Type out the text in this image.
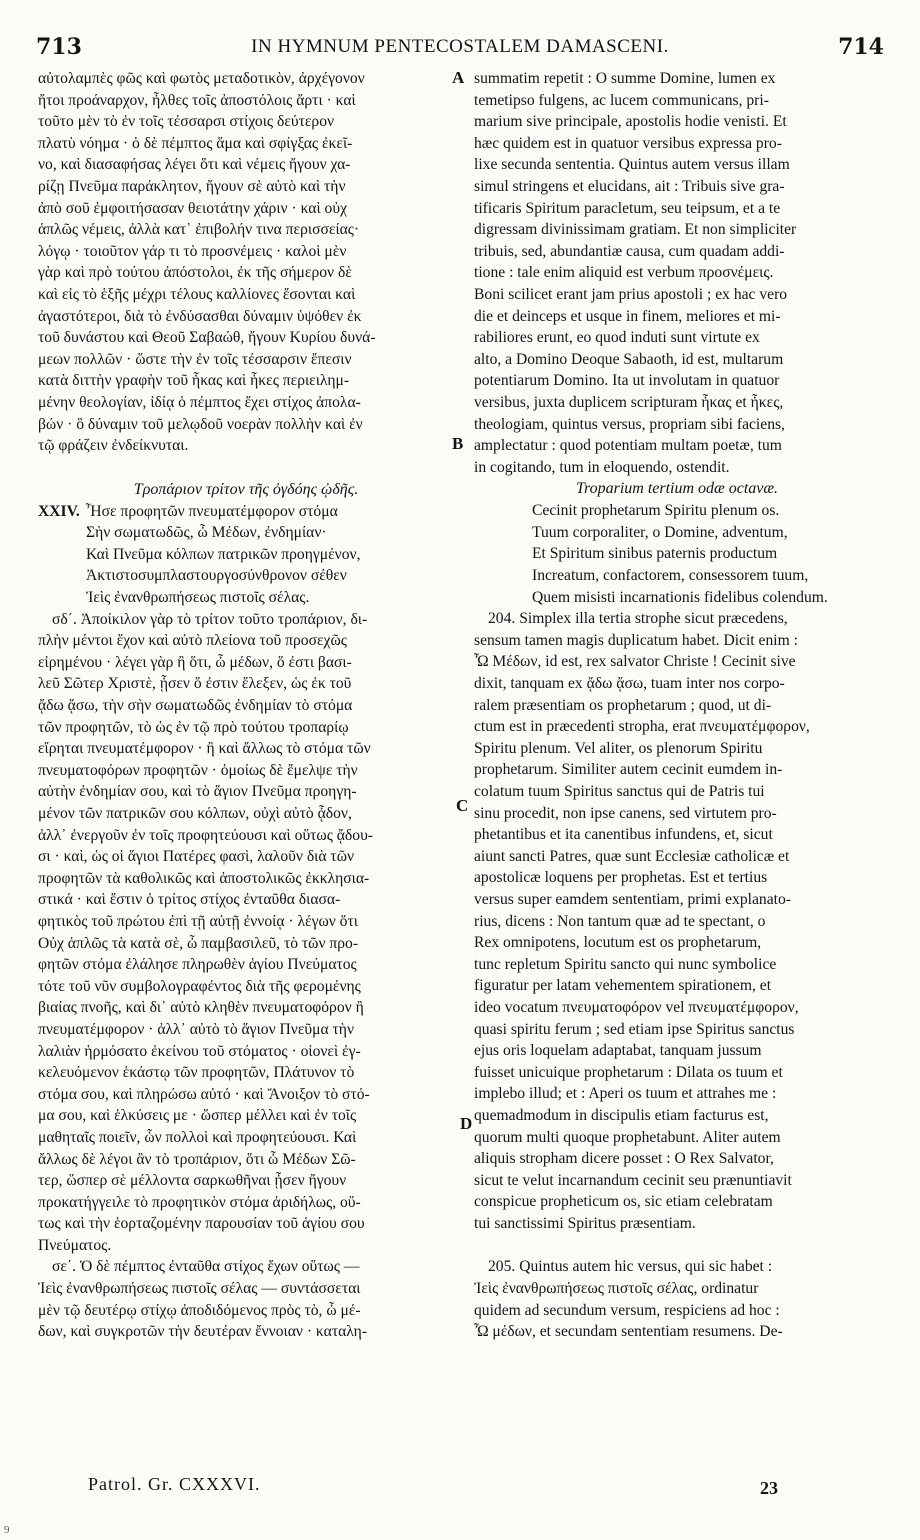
713	IN HYMNUM PENTECOSTALEM DAMASCENI.	714

αὐτολαμπὲς φῶς καὶ φωτὸς μεταδοτικὸν, ἀρχέγονον

ἤτοι προάναρχον, ἦλθες τοῖς ἀποστόλοις ἄρτι · καὶ

τοῦτο μὲν τὸ ἐν τοῖς τέσσαρσι στίχοις δεύτερον

πλατὺ νόημα · ὁ δὲ πέμπτος ἅμα καὶ σφίγξας ἐκεῖ-

νο, καὶ διασαφήσας λέγει ὅτι καὶ νέμεις ἤγουν χα-

ρίζῃ Πνεῦμα παράκλητον, ἤγουν σὲ αὐτὸ καὶ τὴν

ἀπὸ σοῦ ἐμφοιτήσασαν θειοτάτην χάριν · καὶ οὐχ

ἁπλῶς νέμεις, ἀλλὰ κατ᾽ ἐπιβολήν τινα περισσείας·

λόγῳ · τοιοῦτον γάρ τι τὸ προσνέμεις · καλοὶ μὲν

γὰρ καὶ πρὸ τούτου ἀπόστολοι, ἐκ τῆς σήμερον δὲ

καὶ εἰς τὸ ἑξῆς μέχρι τέλους καλλίονες ἔσονται καὶ

ἀγαστότεροι, διὰ τὸ ἐνδύσασθαι δύναμιν ὑψόθεν ἐκ

τοῦ δυνάστου καὶ Θεοῦ Σαβαώθ, ἤγουν Κυρίου δυνά-

μεων πολλῶν · ὥστε τὴν ἐν τοῖς τέσσαρσιν ἔπεσιν

κατὰ διττὴν γραφὴν τοῦ ἧκας καὶ ἧκες περιειλημ-

μένην θεολογίαν, ἰδίᾳ ὁ πέμπτος ἔχει στίχος ἀπολα-

βών · ὃ δύναμιν τοῦ μελῳδοῦ νοερὰν πολλὴν καὶ ἐν

τῷ φράζειν ἐνδείκνυται.

Τροπάριον τρίτον τῆς ὀγδόης ᾠδῆς.

XXIV. Ἦσε προφητῶν πνευματέμφορον στόμα

Σὴν σωματωδῶς, ὦ Μέδων, ἐνδημίαν·

Καὶ Πνεῦμα κόλπων πατρικῶν προηγμένον,

Ἀκτιστοσυμπλαστουργοσύνθρονον σέθεν

Ἰεὶς ἐνανθρωπήσεως πιστοῖς σέλας.

σδ΄. Ἀποίκιλον γὰρ τὸ τρίτον τοῦτο τροπάριον, δι-

πλὴν μέντοι ἔχον καὶ αὐτὸ πλείονα τοῦ προσεχῶς

εἰρημένου · λέγει γὰρ ἢ ὅτι, ὦ μέδων, ὅ ἐστι βασι-

λεῦ Σῶτερ Χριστὲ, ᾖσεν ὅ ἐστιν ἔλεξεν, ὡς ἐκ τοῦ

ᾄδω ᾄσω, τὴν σὴν σωματωδῶς ἐνδημίαν τὸ στόμα

τῶν προφητῶν, τὸ ὡς ἐν τῷ πρὸ τούτου τροπαρίῳ

εἴρηται πνευματέμφορον · ἢ καὶ ἄλλως τὸ στόμα τῶν

πνευματοφόρων προφητῶν · ὁμοίως δὲ ἔμελψε τὴν

αὐτὴν ἐνδημίαν σου, καὶ τὸ ἅγιον Πνεῦμα προηγη-

μένον τῶν πατρικῶν σου κόλπων, οὐχὶ αὐτὸ ᾆδον,

ἀλλ᾽ ἐνεργοῦν ἐν τοῖς προφητεύουσι καὶ οὕτως ᾄδου-

σι · καὶ, ὡς οἱ ἅγιοι Πατέρες φασὶ, λαλοῦν διὰ τῶν

προφητῶν τὰ καθολικῶς καὶ ἀποστολικῶς ἐκκλησια-

στικά · καὶ ἔστιν ὁ τρίτος στίχος ἐνταῦθα διασα-

φητικὸς τοῦ πρώτου ἐπὶ τῇ αὐτῇ ἐννοίᾳ · λέγων ὅτι

Οὐχ ἁπλῶς τὰ κατὰ σὲ, ὦ παμβασιλεῦ, τὸ τῶν προ-

φητῶν στόμα ἐλάλησε πληρωθὲν ἁγίου Πνεύματος

τότε τοῦ νῦν συμβολογραφέντος διὰ τῆς φερομένης

βιαίας πνοῆς, καὶ δι᾽ αὐτὸ κληθὲν πνευματοφόρον ἢ

πνευματέμφορον · ἀλλ᾽ αὐτὸ τὸ ἅγιον Πνεῦμα τὴν

λαλιὰν ἡρμόσατο ἐκείνου τοῦ στόματος · οἱονεὶ ἐγ-

κελευόμενον ἑκάστῳ τῶν προφητῶν, Πλάτυνον τὸ

στόμα σου, καὶ πληρώσω αὐτό · καὶ Ἄνοιξον τὸ στό-

μα σου, καὶ ἑλκύσεις με · ὥσπερ μέλλει καὶ ἐν τοῖς

μαθηταῖς ποιεῖν, ὧν πολλοὶ καὶ προφητεύουσι. Καὶ

ἄλλως δὲ λέγοι ἂν τὸ τροπάριον, ὅτι ὦ Μέδων Σῶ-

τερ, ὥσπερ σὲ μέλλοντα σαρκωθῆναι ᾖσεν ἤγουν

προκατήγγειλε τὸ προφητικὸν στόμα ἀριδήλως, οὕ-

τως καὶ τὴν ἑορταζομένην παρουσίαν τοῦ ἁγίου σου

Πνεύματος.

σε΄. Ὁ δὲ πέμπτος ἐνταῦθα στίχος ἔχων οὕτως —

Ἰεὶς ἐνανθρωπήσεως πιστοῖς σέλας — συντάσσεται

μὲν τῷ δευτέρῳ στίχῳ ἀποδιδόμενος πρὸς τὸ, ὦ μέ-

δων, καὶ συγκροτῶν τὴν δευτέραν ἔννοιαν · καταλη-

A
B
C
D

summatim repetit : O summe Domine, lumen ex

temetipso fulgens, ac lucem communicans, pri-

marium sive principale, apostolis hodie venisti. Et

hæc quidem est in quatuor versibus expressa pro-

lixe secunda sententia. Quintus autem versus illam

simul stringens et elucidans, ait : Tribuis sive gra-

tificaris Spiritum paracletum, seu teipsum, et a te

digressam divinissimam gratiam. Et non simpliciter

tribuis, sed, abundantiæ causa, cum quadam addi-

tione : tale enim aliquid est verbum προσνέμεις.

Boni scilicet erant jam prius apostoli ; ex hac vero

die et deinceps et usque in finem, meliores et mi-

rabiliores erunt, eo quod induti sunt virtute ex

alto, a Domino Deoque Sabaoth, id est, multarum

potentiarum Domino. Ita ut involutam in quatuor

versibus, juxta duplicem scripturam ἧκας et ἧκες,

theologiam, quintus versus, propriam sibi faciens,

amplectatur : quod potentiam multam poetæ, tum

in cogitando, tum in eloquendo, ostendit.

Troparium tertium odæ octavæ.

Cecinit prophetarum Spiritu plenum os.

Tuum corporaliter, o Domine, adventum,

Et Spiritum sinibus paternis productum

Increatum, confactorem, consessorem tuum,

Quem misisti incarnationis fidelibus colendum.

204. Simplex illa tertia strophe sicut præcedens,

sensum tamen magis duplicatum habet. Dicit enim :

Ὦ Μέδων, id est, rex salvator Christe ! Cecinit sive

dixit, tanquam ex ᾄδω ᾄσω, tuam inter nos corpo-

ralem præsentiam os prophetarum ; quod, ut di-

ctum est in præcedenti stropha, erat πνευματέμφορον,

Spiritu plenum. Vel aliter, os plenorum Spiritu

prophetarum. Similiter autem cecinit eumdem in-

colatum tuum Spiritus sanctus qui de Patris tui

sinu procedit, non ipse canens, sed virtutem pro-

phetantibus et ita canentibus infundens, et, sicut

aiunt sancti Patres, quæ sunt Ecclesiæ catholicæ et

apostolicæ loquens per prophetas. Est et tertius

versus super eamdem sententiam, primi explanato-

rius, dicens : Non tantum quæ ad te spectant, o

Rex omnipotens, locutum est os prophetarum,

tunc repletum Spiritu sancto qui nunc symbolice

figuratur per latam vehementem spirationem, et

ideo vocatum πνευματοφόρον vel πνευματέμφορον,

quasi spiritu ferum ; sed etiam ipse Spiritus sanctus

ejus oris loquelam adaptabat, tanquam jussum

fuisset unicuique prophetarum : Dilata os tuum et

implebo illud; et : Aperi os tuum et attrahes me :

quemadmodum in discipulis etiam facturus est,

quorum multi quoque prophetabunt. Aliter autem

aliquis stropham dicere posset : O Rex Salvator,

sicut te velut incarnandum cecinit seu prænuntiavit

conspicue propheticum os, sic etiam celebratam

tui sanctissimi Spiritus præsentiam.

205. Quintus autem hic versus, qui sic habet :

Ἰεὶς ἐνανθρωπήσεως πιστοῖς σέλας, ordinatur

quidem ad secundum versum, respiciens ad hoc :

Ὦ μέδων, et secundam sententiam resumens. De-

Patrol. Gr. CXXXVI.	23
9
